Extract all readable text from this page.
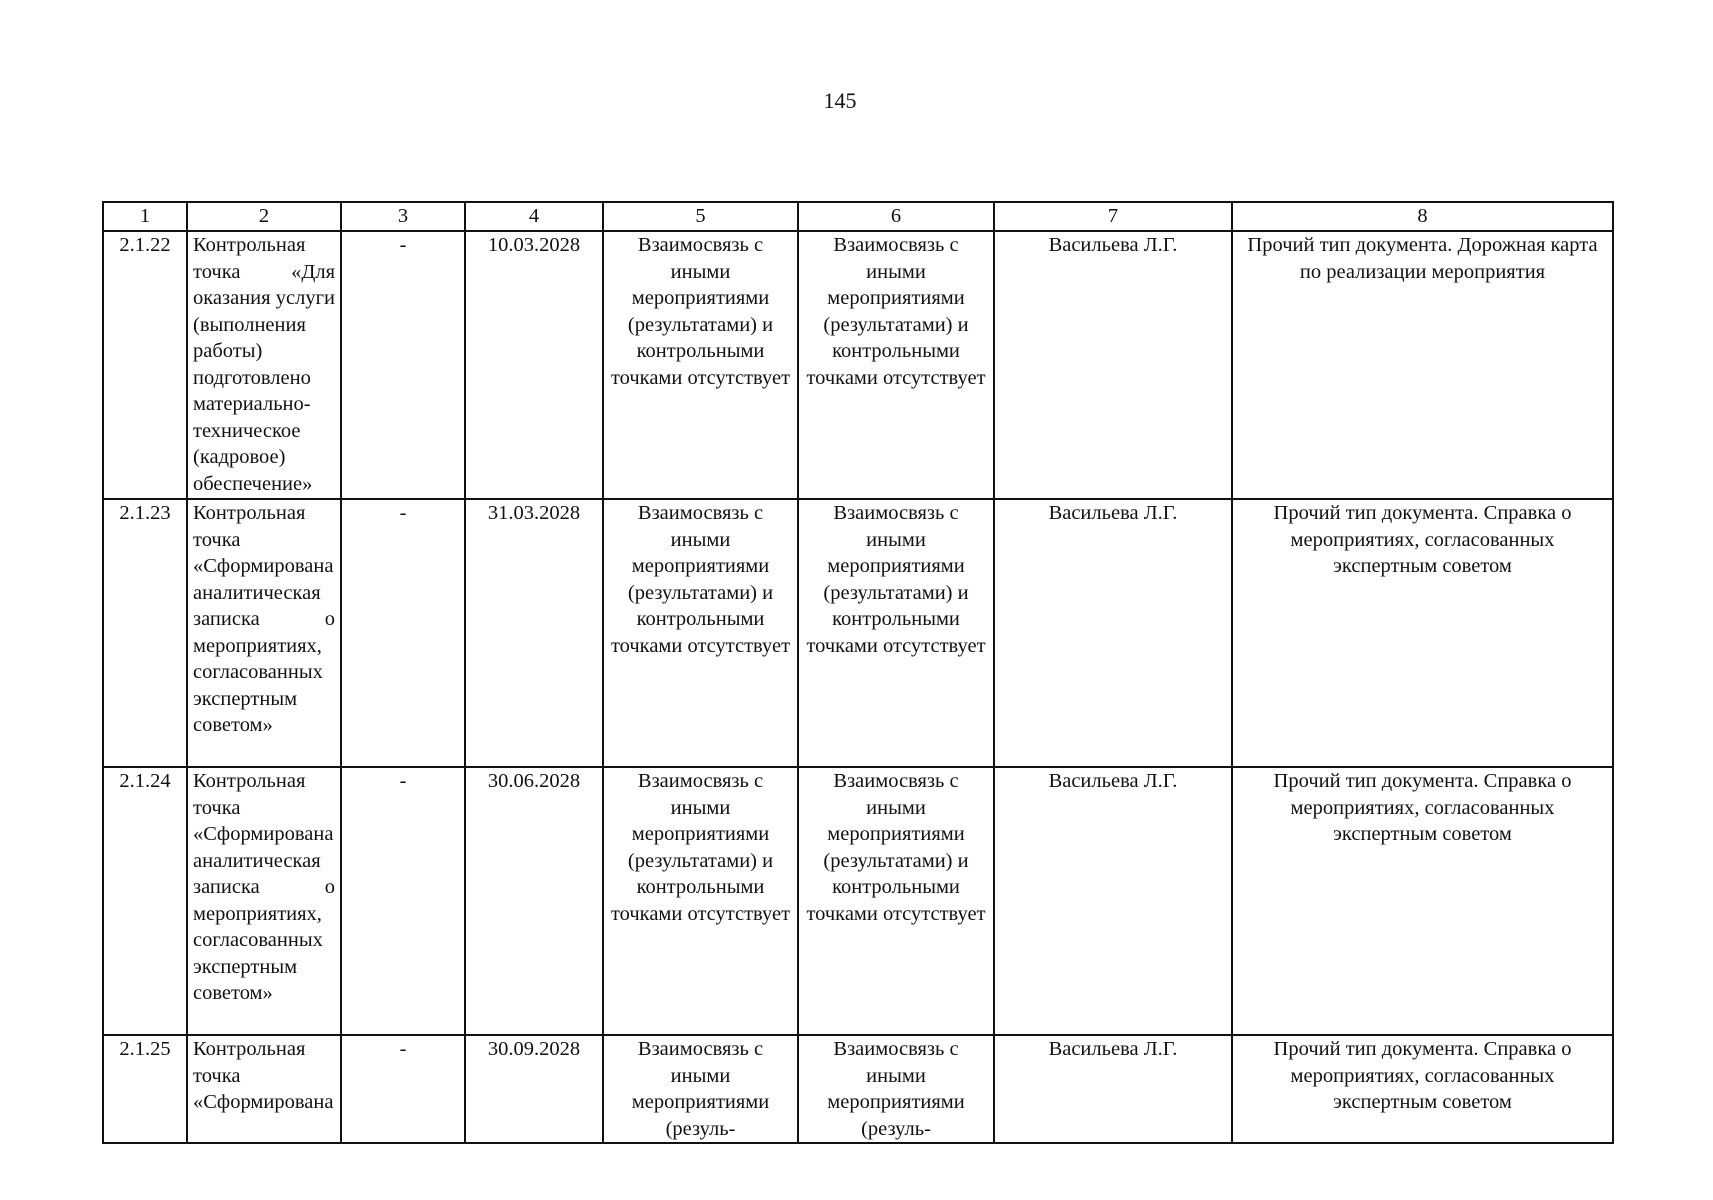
145
1	2	3	4	5	6	7	8
2.1.22	Контрольная точка «Для оказания услуги (выполнения работы) подготовлено материально-техническое (кадровое) обеспечение»	-	10.03.2028	Взаимосвязь с иными мероприятиями (результатами) и контрольными точками отсутствует	Взаимосвязь с иными мероприятиями (результатами) и контрольными точками отсутствует	Васильева Л.Г.	Прочий тип документа. Дорожная карта по реализации мероприятия
2.1.23	Контрольная точка «Сформирована аналитическая записка о мероприятиях, согласованных экспертным советом»	-	31.03.2028	Взаимосвязь с иными мероприятиями (результатами) и контрольными точками отсутствует	Взаимосвязь с иными мероприятиями (результатами) и контрольными точками отсутствует	Васильева Л.Г.	Прочий тип документа. Справка о мероприятиях, согласованных экспертным советом
2.1.24	Контрольная точка «Сформирована аналитическая записка о мероприятиях, согласованных экспертным советом»	-	30.06.2028	Взаимосвязь с иными мероприятиями (результатами) и контрольными точками отсутствует	Взаимосвязь с иными мероприятиями (результатами) и контрольными точками отсутствует	Васильева Л.Г.	Прочий тип документа. Справка о мероприятиях, согласованных экспертным советом
2.1.25	Контрольная точка «Сформирована	-	30.09.2028	Взаимосвязь с иными мероприятиями (резуль-	Взаимосвязь с иными мероприятиями (резуль-	Васильева Л.Г.	Прочий тип документа. Справка о мероприятиях, согласованных экспертным советом
